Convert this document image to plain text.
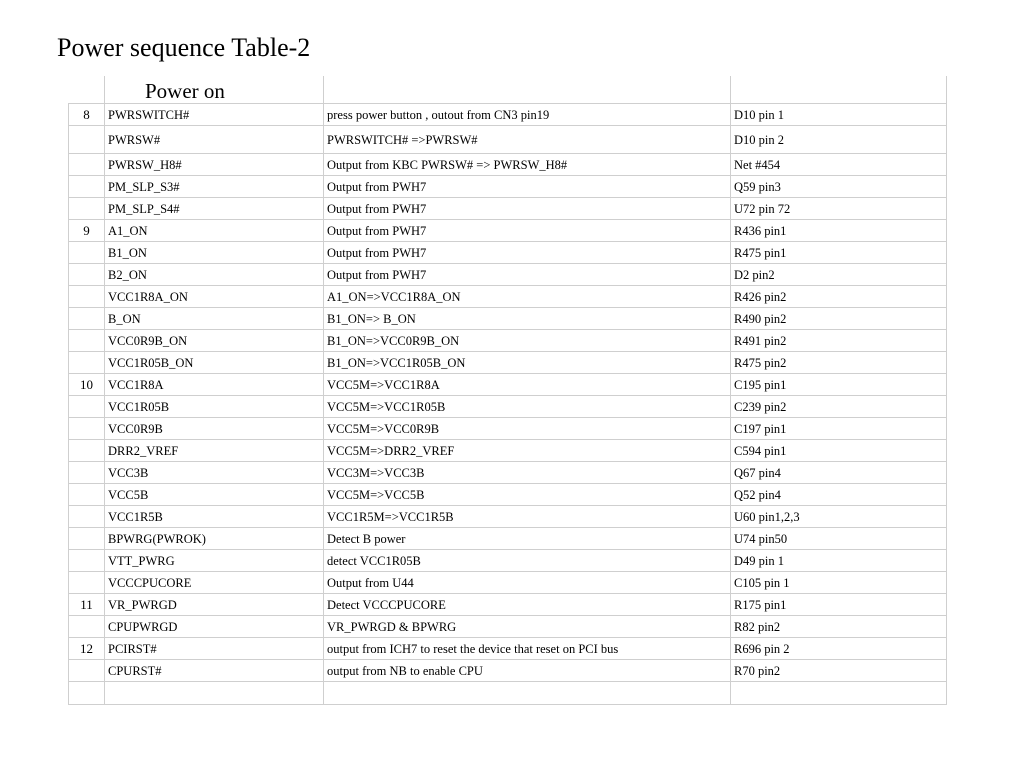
Power sequence Table-2
	Power on		
8	PWRSWITCH#	press power button , outout from CN3 pin19	D10 pin 1
	PWRSW#	PWRSWITCH# =>PWRSW#	D10 pin 2
	PWRSW_H8#	Output from KBC PWRSW# => PWRSW_H8#	Net #454
	PM_SLP_S3#	Output from PWH7	Q59 pin3
	PM_SLP_S4#	Output from PWH7	U72 pin 72
9	A1_ON	Output from PWH7	R436 pin1
	B1_ON	Output from PWH7	R475 pin1
	B2_ON	Output from PWH7	D2 pin2
	VCC1R8A_ON	A1_ON=>VCC1R8A_ON	R426 pin2
	B_ON	B1_ON=> B_ON	R490 pin2
	VCC0R9B_ON	B1_ON=>VCC0R9B_ON	R491 pin2
	VCC1R05B_ON	B1_ON=>VCC1R05B_ON	R475 pin2
10	VCC1R8A	VCC5M=>VCC1R8A	C195 pin1
	VCC1R05B	VCC5M=>VCC1R05B	C239 pin2
	VCC0R9B	VCC5M=>VCC0R9B	C197 pin1
	DRR2_VREF	VCC5M=>DRR2_VREF	C594 pin1
	VCC3B	VCC3M=>VCC3B	Q67 pin4
	VCC5B	VCC5M=>VCC5B	Q52 pin4
	VCC1R5B	VCC1R5M=>VCC1R5B	U60 pin1,2,3
	BPWRG(PWROK)	Detect B power	U74 pin50
	VTT_PWRG	detect VCC1R05B	D49 pin 1
	VCCCPUCORE	Output from U44	C105 pin 1
11	VR_PWRGD	Detect VCCCPUCORE	R175 pin1
	CPUPWRGD	VR_PWRGD & BPWRG	R82 pin2
12	PCIRST#	output from ICH7 to reset the device that reset on PCI bus	R696 pin 2
	CPURST#	output from NB to enable CPU	R70 pin2
